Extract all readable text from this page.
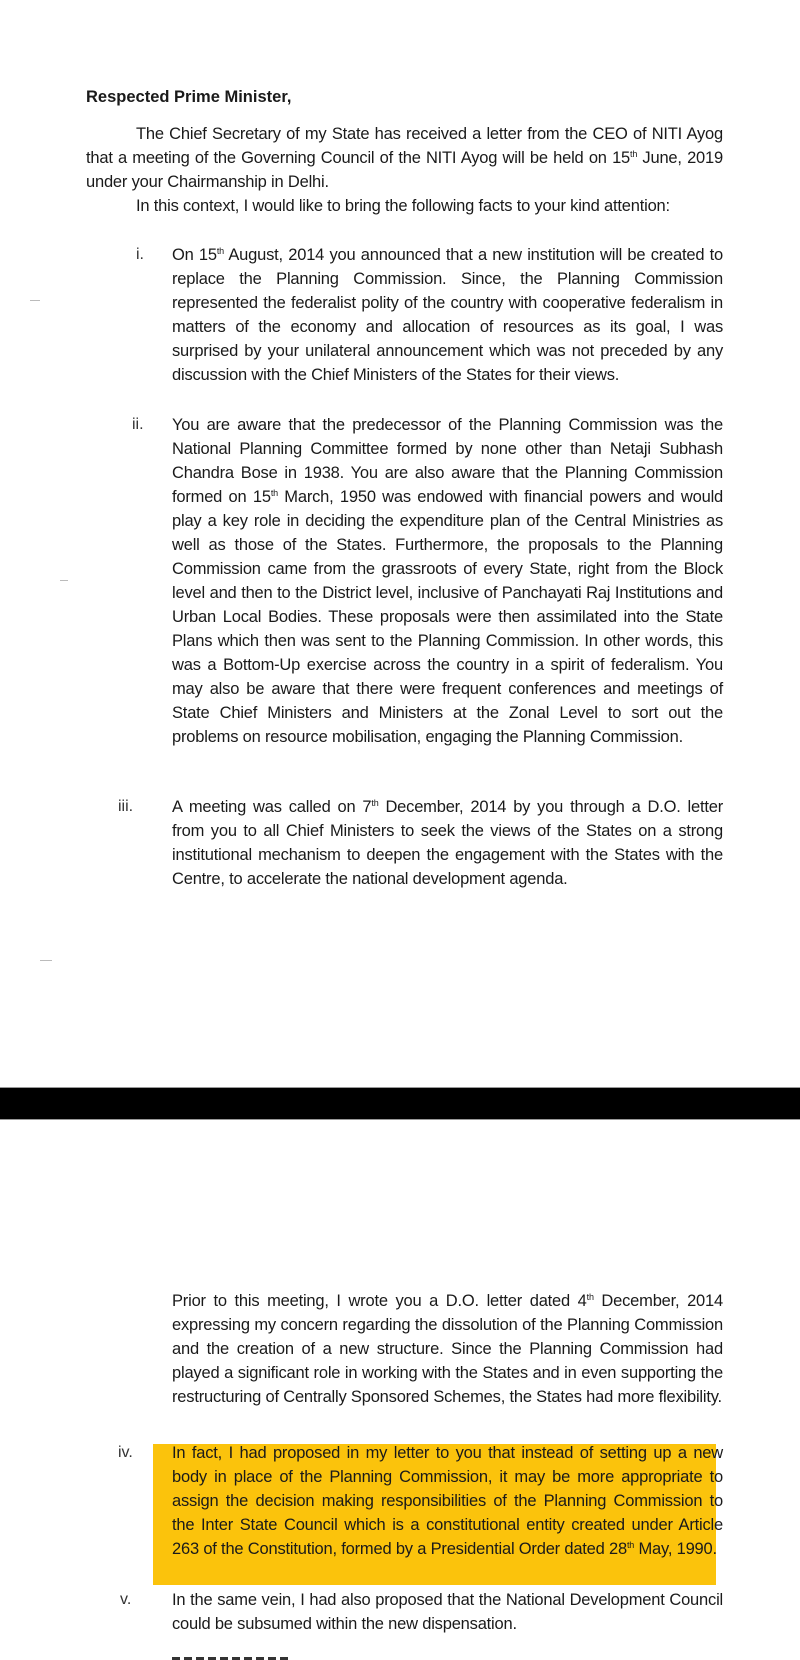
Respected Prime Minister,

The Chief Secretary of my State has received a letter from the CEO of NITI Ayog that a meeting of the Governing Council of the NITI Ayog will be held on 15th June, 2019 under your Chairmanship in Delhi.

In this context, I would like to bring the following facts to your kind attention:

i. On 15th August, 2014 you announced that a new institution will be created to replace the Planning Commission. Since, the Planning Commission represented the federalist polity of the country with cooperative federalism in matters of the economy and allocation of resources as its goal, I was surprised by your unilateral announcement which was not preceded by any discussion with the Chief Ministers of the States for their views.

ii. You are aware that the predecessor of the Planning Commission was the National Planning Committee formed by none other than Netaji Subhash Chandra Bose in 1938. You are also aware that the Planning Commission formed on 15th March, 1950 was endowed with financial powers and would play a key role in deciding the expenditure plan of the Central Ministries as well as those of the States. Furthermore, the proposals to the Planning Commission came from the grassroots of every State, right from the Block level and then to the District level, inclusive of Panchayati Raj Institutions and Urban Local Bodies. These proposals were then assimilated into the State Plans which then was sent to the Planning Commission. In other words, this was a Bottom-Up exercise across the country in a spirit of federalism. You may also be aware that there were frequent conferences and meetings of State Chief Ministers and Ministers at the Zonal Level to sort out the problems on resource mobilisation, engaging the Planning Commission.

iii. A meeting was called on 7th December, 2014 by you through a D.O. letter from you to all Chief Ministers to seek the views of the States on a strong institutional mechanism to deepen the engagement with the States with the Centre, to accelerate the national development agenda.

Prior to this meeting, I wrote you a D.O. letter dated 4th December, 2014 expressing my concern regarding the dissolution of the Planning Commission and the creation of a new structure. Since the Planning Commission had played a significant role in working with the States and in even supporting the restructuring of Centrally Sponsored Schemes, the States had more flexibility.

iv. In fact, I had proposed in my letter to you that instead of setting up a new body in place of the Planning Commission, it may be more appropriate to assign the decision making responsibilities of the Planning Commission to the Inter State Council which is a constitutional entity created under Article 263 of the Constitution, formed by a Presidential Order dated 28th May, 1990.

v. In the same vein, I had also proposed that the National Development Council could be subsumed within the new dispensation.
